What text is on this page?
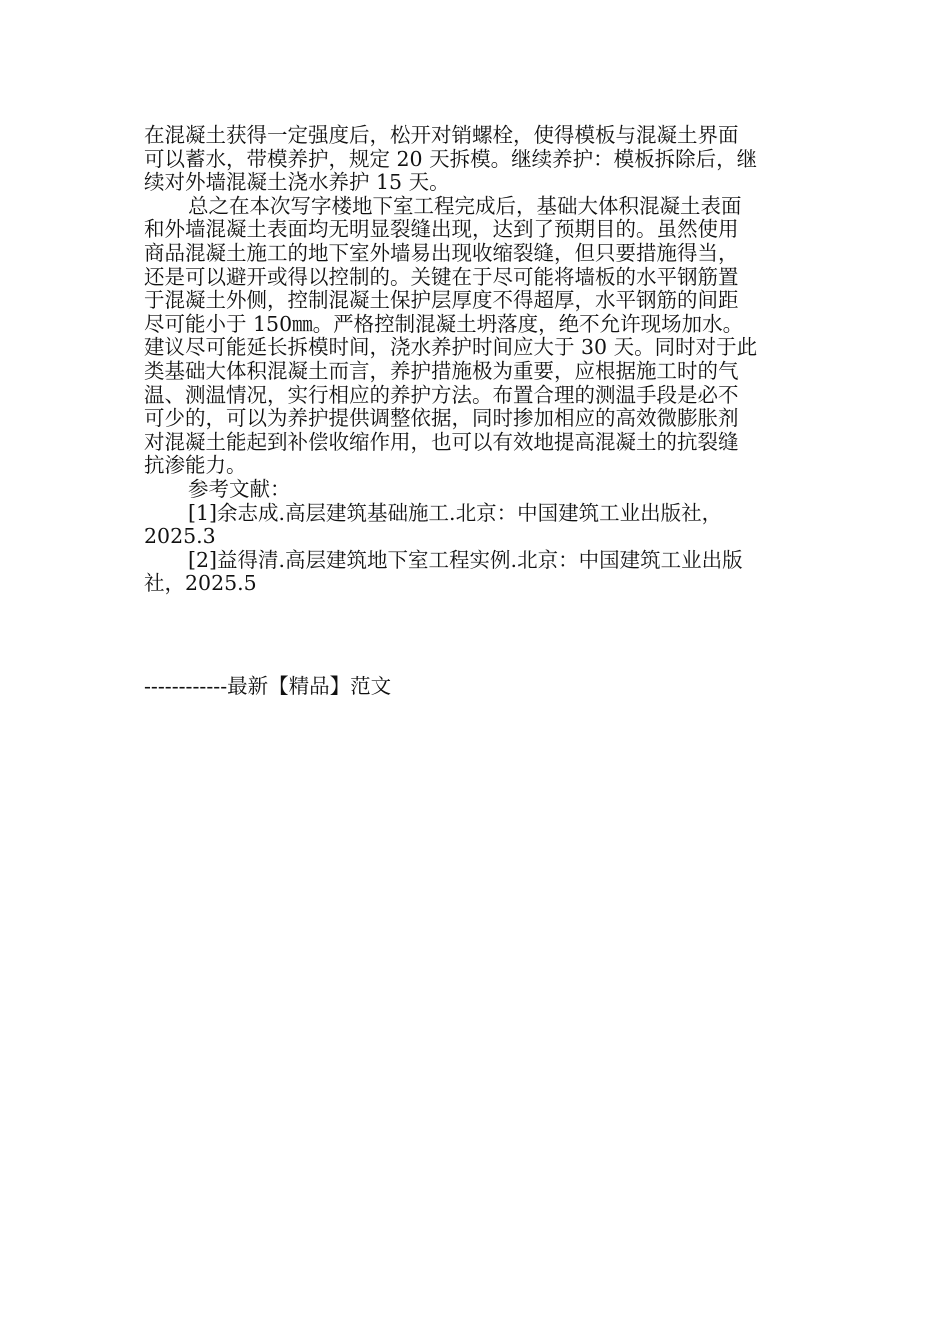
在混凝土获得一定强度后，松开对销螺栓，使得模板与混凝土界面
可以蓄水，带模养护，规定 20 天拆模。继续养护：模板拆除后，继
续对外墙混凝土浇水养护 15 天。
总之在本次写字楼地下室工程完成后，基础大体积混凝土表面
和外墙混凝土表面均无明显裂缝出现，达到了预期目的。虽然使用
商品混凝土施工的地下室外墙易出现收缩裂缝，但只要措施得当，
还是可以避开或得以控制的。关键在于尽可能将墙板的水平钢筋置
于混凝土外侧，控制混凝土保护层厚度不得超厚，水平钢筋的间距
尽可能小于 150㎜。严格控制混凝土坍落度，绝不允许现场加水。
建议尽可能延长拆模时间，浇水养护时间应大于 30 天。同时对于此
类基础大体积混凝土而言，养护措施极为重要，应根据施工时的气
温、测温情况，实行相应的养护方法。布置合理的测温手段是必不
可少的，可以为养护提供调整依据，同时掺加相应的高效微膨胀剂
对混凝土能起到补偿收缩作用，也可以有效地提高混凝土的抗裂缝
抗渗能力。
参考文献：
[1]余志成.高层建筑基础施工.北京：中国建筑工业出版社，
2025.3
[2]益得清.高层建筑地下室工程实例.北京：中国建筑工业出版
社，2025.5
------------最新【精品】范文
